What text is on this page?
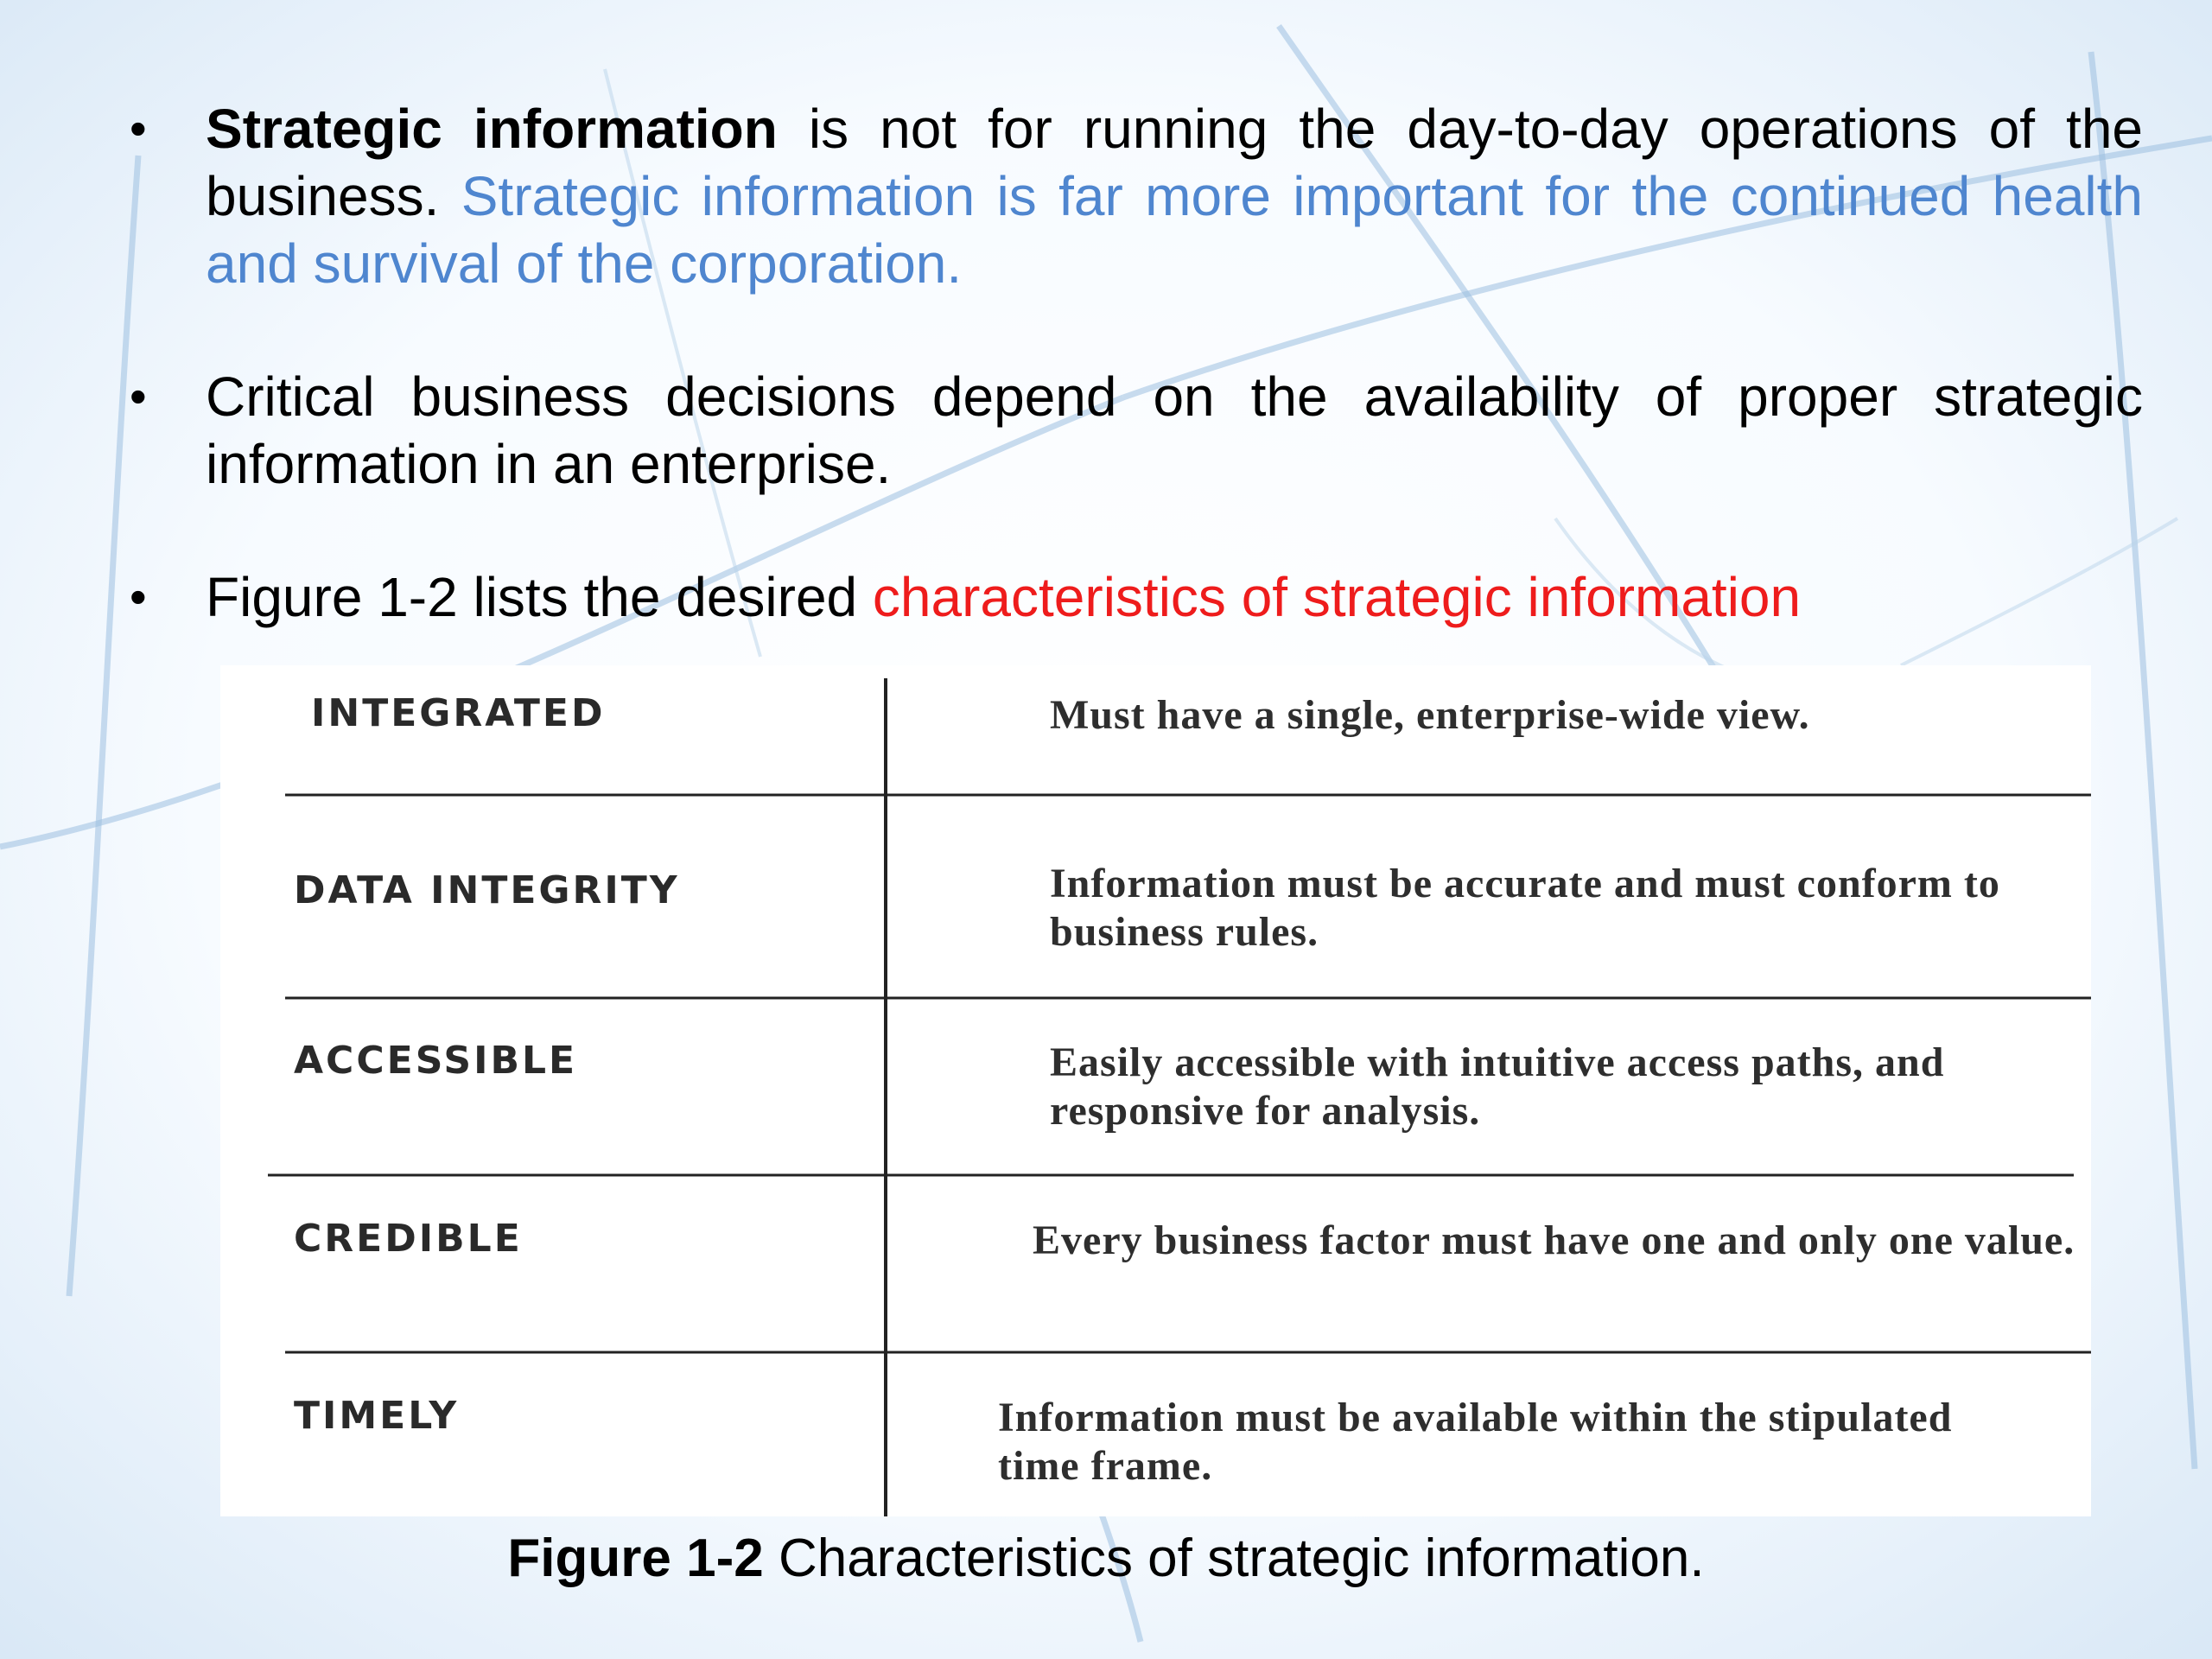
• Strategic information is not for running the day-to-day operations of the business. Strategic information is far more important for the continued health and survival of the corporation.
• Critical business decisions depend on the availability of proper strategic information in an enterprise.
• Figure 1-2 lists the desired characteristics of strategic information
INTEGRATED	Must have a single, enterprise-wide view.
DATA INTEGRITY	Information must be accurate and must conform to business rules.
ACCESSIBLE	Easily accessible with intuitive access paths, and responsive for analysis.
CREDIBLE	Every business factor must have one and only one value.
TIMELY	Information must be available within the stipulated time frame.
Figure 1-2 Characteristics of strategic information.
